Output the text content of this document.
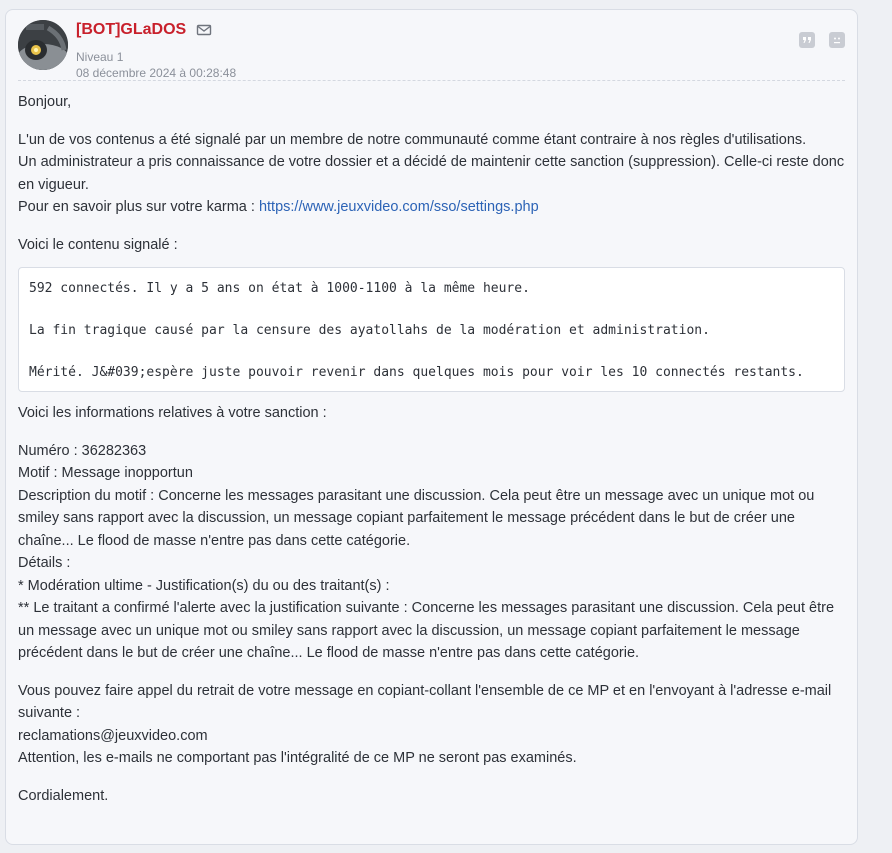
[BOT]GLaDOS
Niveau 1
08 décembre 2024 à 00:28:48

Bonjour,

L'un de vos contenus a été signalé par un membre de notre communauté comme étant contraire à nos règles d'utilisations.

Un administrateur a pris connaissance de votre dossier et a décidé de maintenir cette sanction (suppression). Celle-ci reste donc en vigueur.

Pour en savoir plus sur votre karma : https://www.jeuxvideo.com/sso/settings.php

Voici le contenu signalé :

592 connectés. Il y a 5 ans on état à 1000-1100 à la même heure.

La fin tragique causé par la censure des ayatollahs de la modération et administration.

Mérité. J&#039;espère juste pouvoir revenir dans quelques mois pour voir les 10 connectés restants.

Voici les informations relatives à votre sanction :

Numéro : 36282363

Motif : Message inopportun

Description du motif : Concerne les messages parasitant une discussion. Cela peut être un message avec un unique mot ou smiley sans rapport avec la discussion, un message copiant parfaitement le message précédent dans le but de créer une chaîne... Le flood de masse n'entre pas dans cette catégorie.

Détails :

* Modération ultime - Justification(s) du ou des traitant(s) :

** Le traitant a confirmé l'alerte avec la justification suivante : Concerne les messages parasitant une discussion. Cela peut être un message avec un unique mot ou smiley sans rapport avec la discussion, un message copiant parfaitement le message précédent dans le but de créer une chaîne... Le flood de masse n'entre pas dans cette catégorie.

Vous pouvez faire appel du retrait de votre message en copiant-collant l'ensemble de ce MP et en l'envoyant à l'adresse e-mail suivante :

reclamations@jeuxvideo.com

Attention, les e-mails ne comportant pas l'intégralité de ce MP ne seront pas examinés.

Cordialement.
